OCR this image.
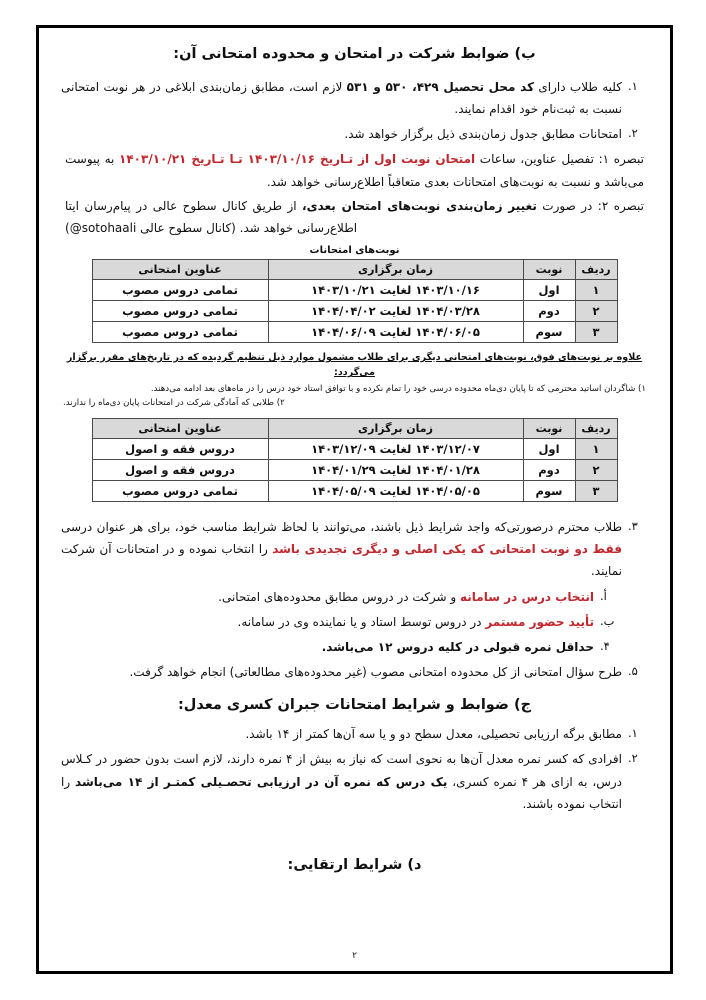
ب) ضوابط شرکت در امتحان و محدوده امتحانی آن:
۱.
کلیه طلاب دارای کد محل تحصیل ۴۲۹، ۵۳۰ و ۵۳۱ لازم است، مطابق زمان‌بندی ابلاغی در هر نوبت امتحانی نسبت به ثبت‌نام خود اقدام نمایند.
۲.
امتحانات مطابق جدول زمان‌بندی ذیل برگزار خواهد شد.

تبصره ۱: تفصیل عناوین، ساعات امتحان نوبت اول از تـاریخ ۱۴۰۳/۱۰/۱۶ تـا تـاریخ ۱۴۰۳/۱۰/۲۱ به پیوست می‌باشد و نسبت به نوبت‌های امتحانات بعدی متعاقباً اطلاع‌رسانی خواهد شد.

تبصره ۲: در صورت تغییر زمان‌بندی نوبت‌های امتحان بعدی، از طریق کانال سطوح عالی در پیام‌رسان ایتا اطلاع‌رسانی خواهد شد. (کانال سطوح عالی @sotohaali)

نوبت‌های امتحانات
ردیف	نوبت	زمان برگزاری	عناوین امتحانی
۱	اول	۱۴۰۳/۱۰/۱۶ لغایت ۱۴۰۳/۱۰/۲۱	تمامی دروس مصوب
۲	دوم	۱۴۰۴/۰۳/۲۸ لغایت ۱۴۰۴/۰۴/۰۲	تمامی دروس مصوب
۳	سوم	۱۴۰۴/۰۶/۰۵ لغایت ۱۴۰۴/۰۶/۰۹	تمامی دروس مصوب
علاوه بر نوبت‌های فوق، نوبت‌های امتحانی دیگری برای طلاب مشمول موارد ذیل تنظیم گردیده که در تاریخ‌های مقرر برگزار می‌گردد:
۱) شاگردان اساتید محترمی که تا پایان دی‌ماه محدوده درسی خود را تمام نکرده و با توافق استاد خود درس را در ماه‌های بعد ادامه می‌دهند.
۲) طلابی که آمادگی شرکت در امتحانات پایان دی‌ماه را ندارند.
ردیف	نوبت	زمان برگزاری	عناوین امتحانی
۱	اول	۱۴۰۳/۱۲/۰۷ لغایت ۱۴۰۳/۱۲/۰۹	دروس فقه و اصول
۲	دوم	۱۴۰۴/۰۱/۲۸ لغایت ۱۴۰۴/۰۱/۲۹	دروس فقه و اصول
۳	سوم	۱۴۰۴/۰۵/۰۵ لغایت ۱۴۰۴/۰۵/۰۹	تمامی دروس مصوب
۳.
طلاب محترم درصورتی‌که واجد شرایط ذیل باشند، می‌توانند با لحاظ شرایط مناسب خود، برای هر عنوان درسی فقط دو نوبت امتحانی که یکی اصلی و دیگری تجدیدی باشد را انتخاب نموده و در امتحانات آن شرکت نمایند.
أ.
انتخاب درس در سامانه و شرکت در دروس مطابق محدوده‌های امتحانی.
ب.
تأیید حضور مستمر در دروس توسط استاد و یا نماینده وی در سامانه.
۴.
حداقل نمره قبولی در کلیه دروس ۱۲ می‌باشد.
۵.
طرح سؤال امتحانی از کل محدوده امتحانی مصوب (غیر محدوده‌های مطالعاتی) انجام خواهد گرفت.
ج) ضوابط و شرایط امتحانات جبران کسری معدل:
۱.
مطابق برگه ارزیابی تحصیلی، معدل سطح دو و یا سه آن‌ها کمتر از ۱۴ باشد.
۲.
افرادی که کسر نمره معدل آن‌ها به نحوی است که نیاز به بیش از ۴ نمره دارند، لازم است بدون حضور در کـلاس درس، به ازای هر ۴ نمره کسری، یک درس که نمره آن در ارزیابی تحصـیلی کمتـر از ۱۴ می‌باشد را انتخاب نموده باشند.
د) شرایط ارتقایی:
۲
